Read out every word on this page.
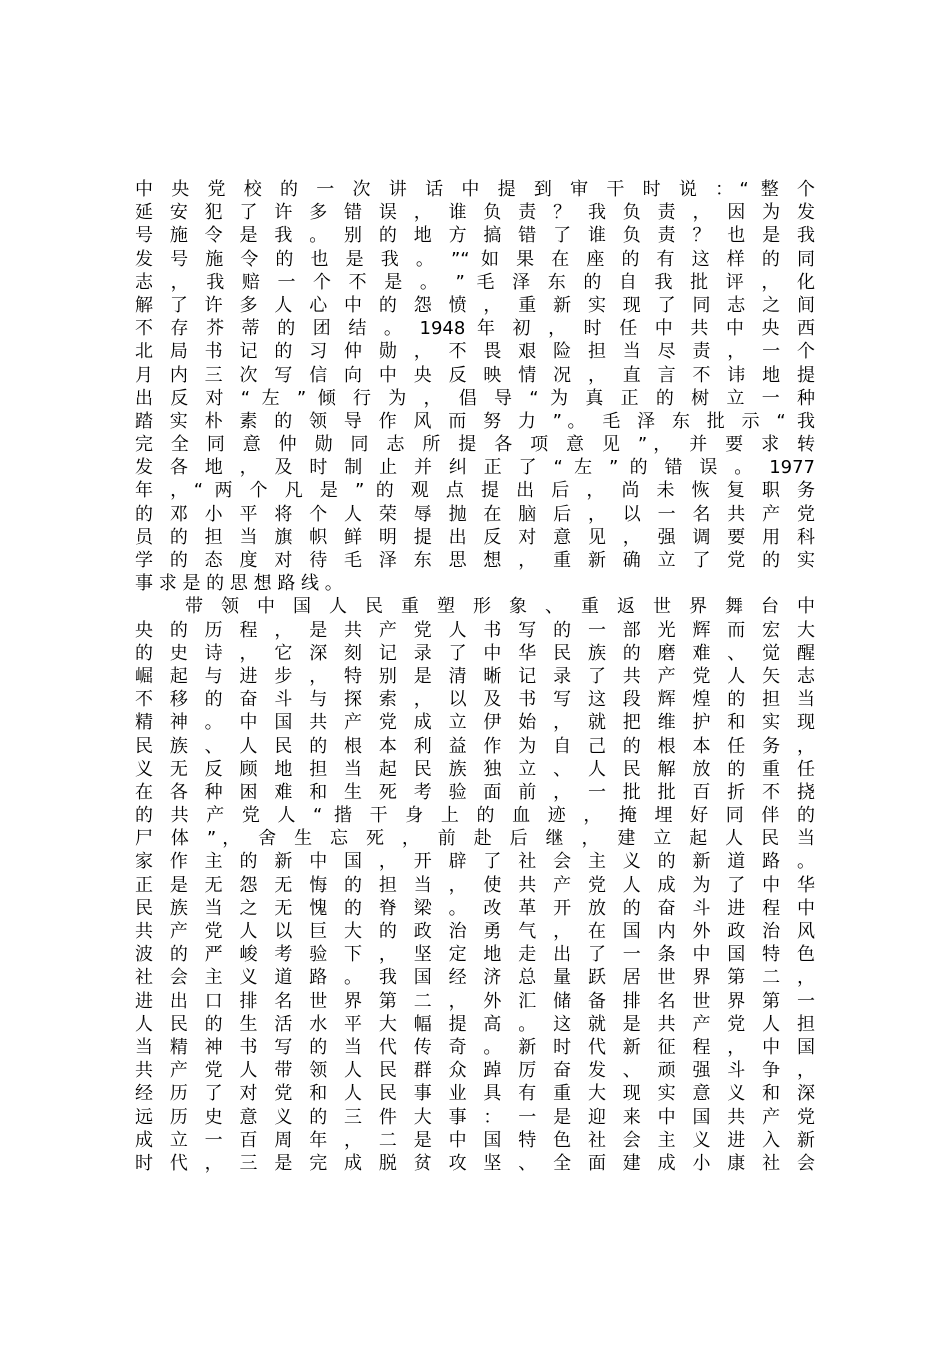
中 央 党 校 的 一 次 讲 话 中 提 到 审 干 时 说 ：“ 整 个
延 安 犯 了 许 多 错 误 ， 谁 负 责 ？ 我 负 责 ， 因 为 发
号 施 令 是 我 。 别 的 地 方 搞 错 了 谁 负 责 ？ 也 是 我
发 号 施 令 的 也 是 我 。 ”“ 如 果 在 座 的 有 这 样 的 同
志 ， 我 赔 一 个 不 是 。 ” 毛 泽 东 的 自 我 批 评 ， 化
解 了 许 多 人 心 中 的 怨 愤 ， 重 新 实 现 了 同 志 之 间
不 存 芥 蒂 的 团 结 。 1948 年 初 ， 时 任 中 共 中 央 西
北 局 书 记 的 习 仲 勋 ， 不 畏 艰 险 担 当 尽 责 ， 一 个
月 内 三 次 写 信 向 中 央 反 映 情 况 ， 直 言 不 讳 地 提
出 反 对 “ 左 ” 倾 行 为 ， 倡 导 “ 为 真 正 的 树 立 一 种
踏 实 朴 素 的 领 导 作 风 而 努 力 ”。 毛 泽 东 批 示 “ 我
完 全 同 意 仲 勋 同 志 所 提 各 项 意 见 ”， 并 要 求 转
发 各 地 ， 及 时 制 止 并 纠 正 了 “ 左 ” 的 错 误 。 1977
年 ，“ 两 个 凡 是 ” 的 观 点 提 出 后 ， 尚 未 恢 复 职 务
的 邓 小 平 将 个 人 荣 辱 抛 在 脑 后 ， 以 一 名 共 产 党
员 的 担 当 旗 帜 鲜 明 提 出 反 对 意 见 ， 强 调 要 用 科
学 的 态 度 对 待 毛 泽 东 思 想 ， 重 新 确 立 了 党 的 实
事 求 是 的 思 想 路 线 。
带 领 中 国 人 民 重 塑 形 象 、 重 返 世 界 舞 台 中
央 的 历 程 ， 是 共 产 党 人 书 写 的 一 部 光 辉 而 宏 大
的 史 诗 ， 它 深 刻 记 录 了 中 华 民 族 的 磨 难 、 觉 醒
崛 起 与 进 步 ， 特 别 是 清 晰 记 录 了 共 产 党 人 矢 志
不 移 的 奋 斗 与 探 索 ， 以 及 书 写 这 段 辉 煌 的 担 当
精 神 。 中 国 共 产 党 成 立 伊 始 ， 就 把 维 护 和 实 现
民 族 、 人 民 的 根 本 利 益 作 为 自 己 的 根 本 任 务 ，
义 无 反 顾 地 担 当 起 民 族 独 立 、 人 民 解 放 的 重 任
在 各 种 困 难 和 生 死 考 验 面 前 ， 一 批 批 百 折 不 挠
的 共 产 党 人 “ 揩 干 身 上 的 血 迹 ， 掩 埋 好 同 伴 的
尸 体 ”， 舍 生 忘 死 ， 前 赴 后 继 ， 建 立 起 人 民 当
家 作 主 的 新 中 国 ， 开 辟 了 社 会 主 义 的 新 道 路 。
正 是 无 怨 无 悔 的 担 当 ， 使 共 产 党 人 成 为 了 中 华
民 族 当 之 无 愧 的 脊 梁 。 改 革 开 放 的 奋 斗 进 程 中
共 产 党 人 以 巨 大 的 政 治 勇 气 ， 在 国 内 外 政 治 风
波 的 严 峻 考 验 下 ， 坚 定 地 走 出 了 一 条 中 国 特 色
社 会 主 义 道 路 。 我 国 经 济 总 量 跃 居 世 界 第 二 ，
进 出 口 排 名 世 界 第 二 ， 外 汇 储 备 排 名 世 界 第 一
人 民 的 生 活 水 平 大 幅 提 高 。 这 就 是 共 产 党 人 担
当 精 神 书 写 的 当 代 传 奇 。 新 时 代 新 征 程 ， 中 国
共 产 党 人 带 领 人 民 群 众 踔 厉 奋 发 、 顽 强 斗 争 ，
经 历 了 对 党 和 人 民 事 业 具 有 重 大 现 实 意 义 和 深
远 历 史 意 义 的 三 件 大 事 ： 一 是 迎 来 中 国 共 产 党
成 立 一 百 周 年 ， 二 是 中 国 特 色 社 会 主 义 进 入 新
时 代 ， 三 是 完 成 脱 贫 攻 坚 、 全 面 建 成 小 康 社 会
